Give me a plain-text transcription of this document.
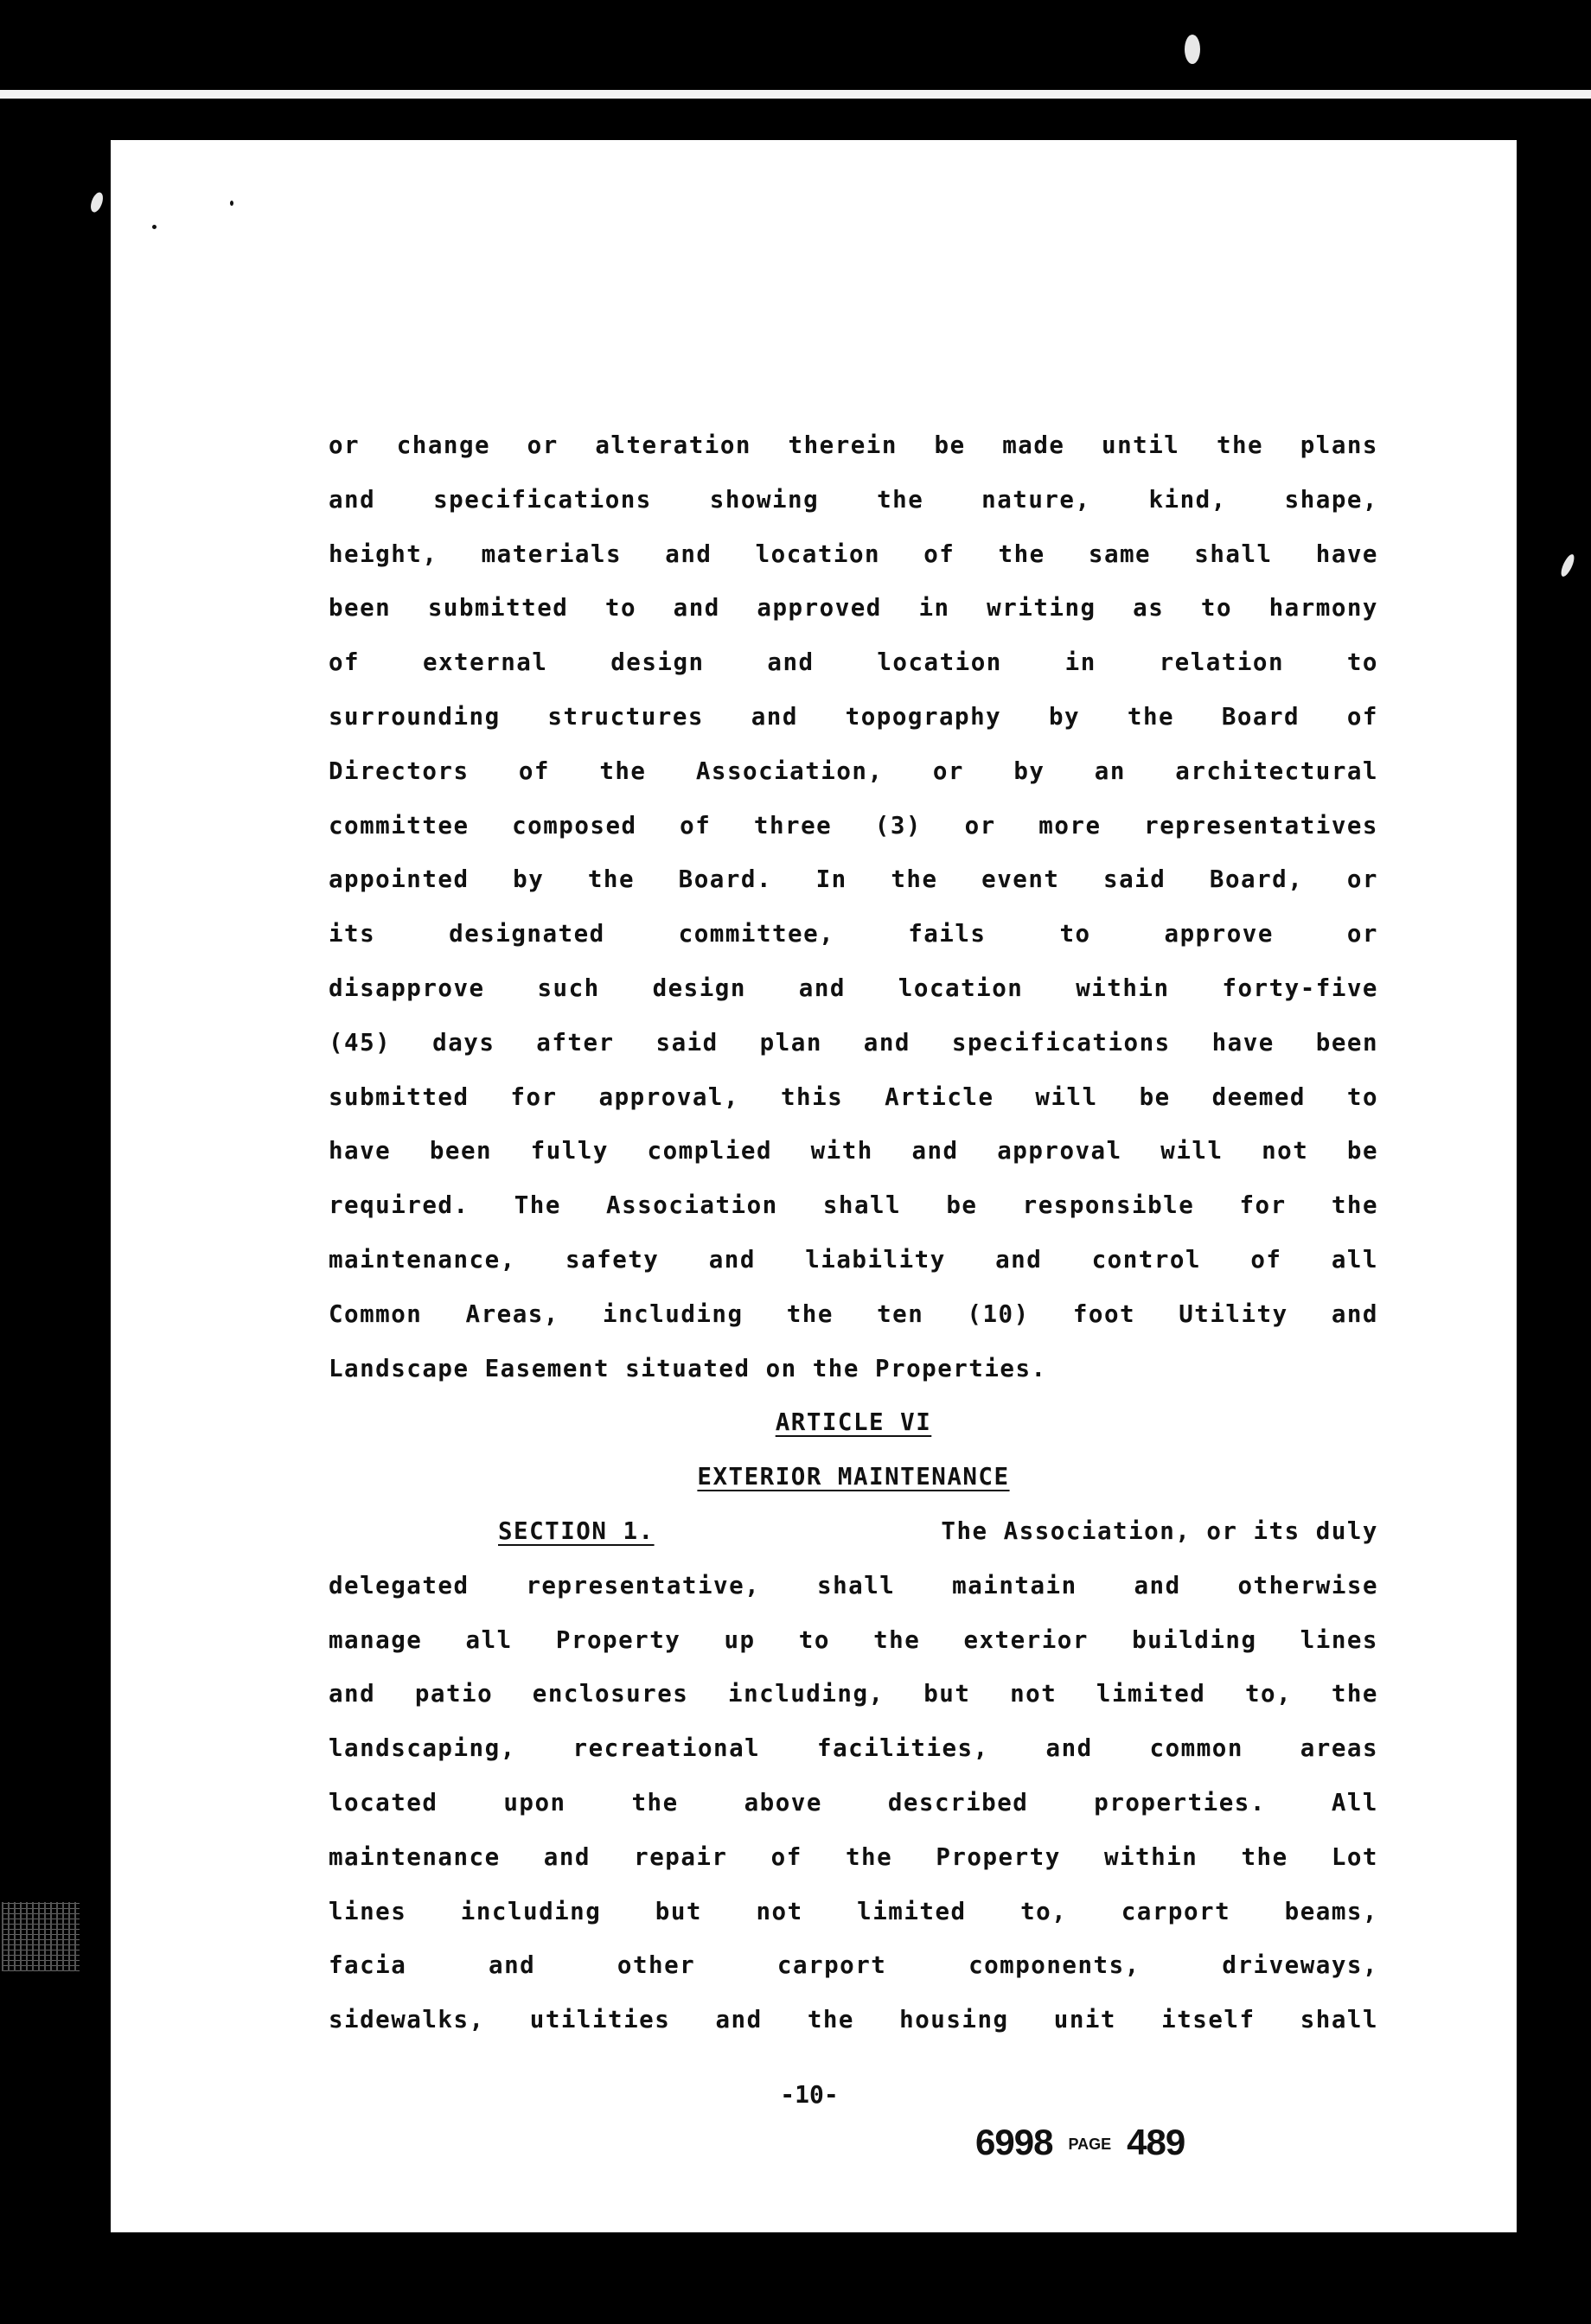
or change or alteration therein be made until the plans
and specifications showing the nature, kind, shape,
height, materials and location of the same shall have
been submitted to and approved in writing as to harmony
of external design and location in relation to
surrounding structures and topography by the Board of
Directors of the Association, or by an architectural
committee composed of three (3) or more representatives
appointed by the Board. In the event said Board, or
its designated committee, fails to approve or
disapprove such design and location within forty-five
(45) days after said plan and specifications have been
submitted for approval, this Article will be deemed to
have been fully complied with and approval will not be
required. The Association shall be responsible for the
maintenance, safety and liability and control of all
Common Areas, including the ten (10) foot Utility and
Landscape Easement situated on the Properties.
ARTICLE VI
EXTERIOR MAINTENANCE
SECTION 1.	The Association, or its duly
delegated representative, shall maintain and otherwise
manage all Property up to the exterior building lines
and patio enclosures including, but not limited to, the
landscaping, recreational facilities, and common areas
located upon the above described properties. All
maintenance and repair of the Property within the Lot
lines including but not limited to, carport beams,
facia and other carport components, driveways,
sidewalks, utilities and the housing unit itself shall
-10-
6998 PAGE 489
